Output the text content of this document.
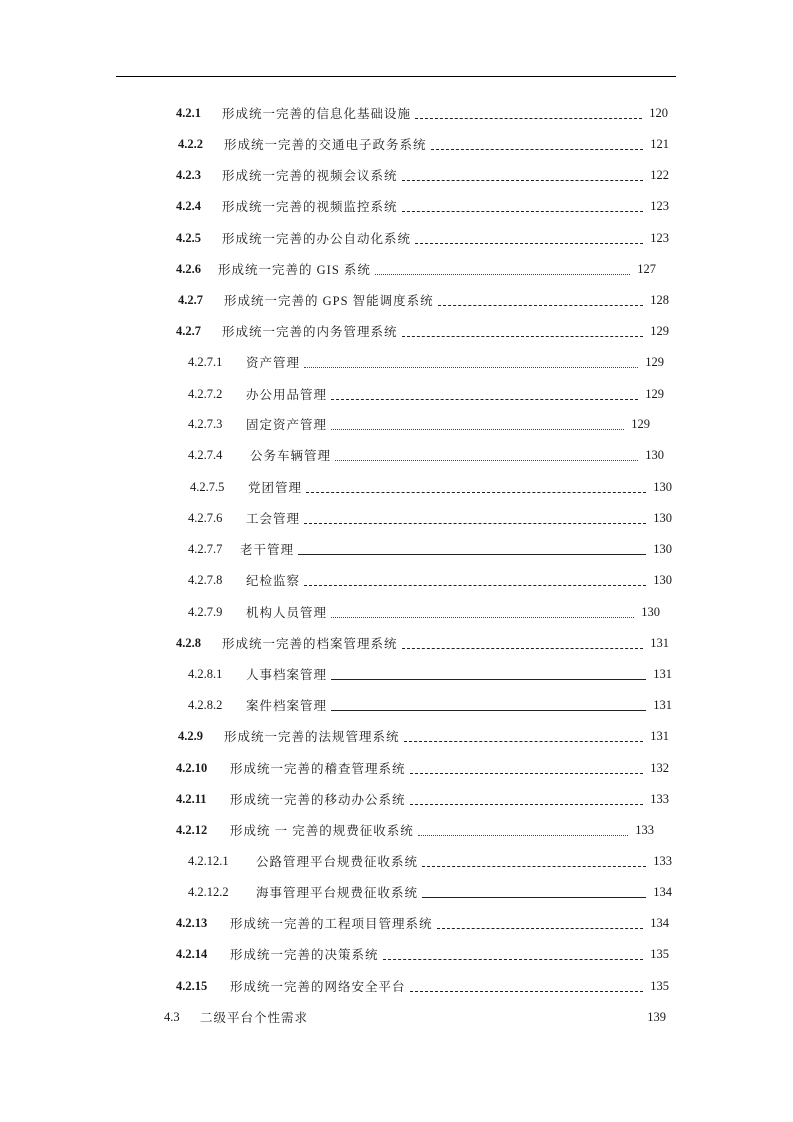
4.2.1	形成统一完善的信息化基础设施	120
4.2.2	形成统一完善的交通电子政务系统	121
4.2.3	形成统一完善的视频会议系统	122
4.2.4	形成统一完善的视频监控系统	123
4.2.5	形成统一完善的办公自动化系统	123
4.2.6	形成统一完善的 GIS 系统	127
4.2.7	形成统一完善的 GPS 智能调度系统	128
4.2.7	形成统一完善的内务管理系统	129
4.2.7.1	资产管理	129
4.2.7.2	办公用品管理	129
4.2.7.3	固定资产管理	129
4.2.7.4	公务车辆管理	130
4.2.7.5	党团管理	130
4.2.7.6	工会管理	130
4.2.7.7	老干管理	130
4.2.7.8	纪检监察	130
4.2.7.9	机构人员管理	130
4.2.8	形成统一完善的档案管理系统	131
4.2.8.1	人事档案管理	131
4.2.8.2	案件档案管理	131
4.2.9	形成统一完善的法规管理系统	131
4.2.10	形成统一完善的稽查管理系统	132
4.2.11	形成统一完善的移动办公系统	133
4.2.12	形成统 一 完善的规费征收系统	133
4.2.12.1	公路管理平台规费征收系统	133
4.2.12.2	海事管理平台规费征收系统	134
4.2.13	形成统一完善的工程项目管理系统	134
4.2.14	形成统一完善的决策系统	135
4.2.15	形成统一完善的网络安全平台	135
4.3	二级平台个性需求	139
